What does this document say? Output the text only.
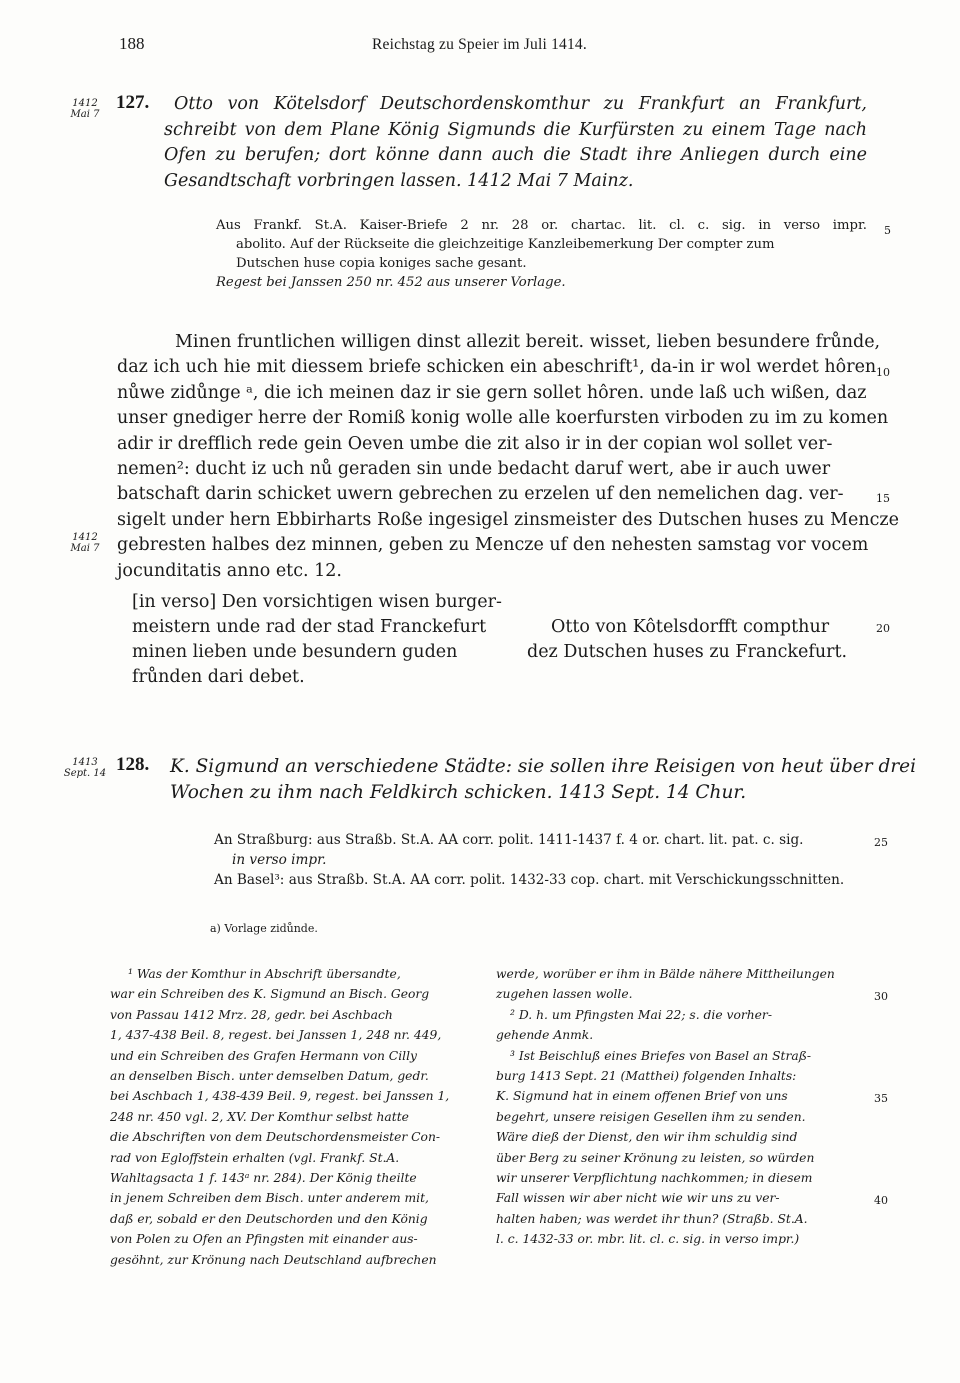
188	Reichstag zu Speier im Juli 1414.
1412
Mai 7
127.	Otto von Kötelsdorf Deutschordenskomthur zu Frankfurt an Frankfurt, schreibt von dem Plane König Sigmunds die Kurfürsten zu einem Tage nach Ofen zu berufen; dort könne dann auch die Stadt ihre Anliegen durch eine Gesandtschaft vorbringen lassen. 1412 Mai 7 Mainz.
Aus Frankf. St.A. Kaiser-Briefe 2 nr. 28 or. chartac. lit. cl. c. sig. in verso impr.
abolito. Auf der Rückseite die gleichzeitige Kanzleibemerkung Der compter zum
Dutschen huse copia koniges sache gesant.
Regest bei Janssen 250 nr. 452 aus unserer Vorlage.
5
Minen fruntlichen willigen dinst allezit bereit. wisset, lieben besundere frůnde,
daz ich uch hie mit diessem briefe schicken ein abeschrift¹, da-in ir wol werdet hôren
nůwe zidůnge ᵃ, die ich meinen daz ir sie gern sollet hôren. unde laß uch wißen, daz
unser gnediger herre der Romiß konig wolle alle koerfursten virboden zu im zu komen
adir ir drefflich rede gein Oeven umbe die zit also ir in der copian wol sollet ver-
nemen²: ducht iz uch nů geraden sin unde bedacht daruf wert, abe ir auch uwer
batschaft darin schicket uwern gebrechen zu erzelen uf den nemelichen dag. ver-
sigelt under hern Ebbirharts Roße ingesigel zinsmeister des Dutschen huses zu Mencze
gebresten halbes dez minnen, geben zu Mencze uf den nehesten samstag vor vocem
jocunditatis anno etc. 12.
10
15
1412
Mai 7
[in verso] Den vorsichtigen wisen burger-
meistern unde rad der stad Franckefurt
minen lieben unde besundern guden
frůnden dari debet.
Otto von Kôtelsdorfft compthur
dez Dutschen huses zu Franckefurt.
20
1413
Sept. 14 128. K. Sigmund an verschiedene Städte: sie sollen ihre Reisigen von heut über drei
Wochen zu ihm nach Feldkirch schicken. 1413 Sept. 14 Chur.
An Straßburg: aus Straßb. St.A. AA corr. polit. 1411-1437 f. 4 or. chart. lit. pat. c. sig.
in verso impr.
An Basel³: aus Straßb. St.A. AA corr. polit. 1432-33 cop. chart. mit Verschickungsschnitten.
25
a) Vorlage zidůnde.
¹ Was der Komthur in Abschrift übersandte,
war ein Schreiben des K. Sigmund an Bisch. Georg
von Passau 1412 Mrz. 28, gedr. bei Aschbach
1, 437-438 Beil. 8, regest. bei Janssen 1, 248 nr. 449,
und ein Schreiben des Grafen Hermann von Cilly
an denselben Bisch. unter demselben Datum, gedr.
bei Aschbach 1, 438-439 Beil. 9, regest. bei Janssen 1,
248 nr. 450 vgl. 2, XV. Der Komthur selbst hatte
die Abschriften von dem Deutschordensmeister Con-
rad von Egloffstein erhalten (vgl. Frankf. St.A.
Wahltagsacta 1 f. 143ᵃ nr. 284). Der König theilte
in jenem Schreiben dem Bisch. unter anderem mit,
daß er, sobald er den Deutschorden und den König
von Polen zu Ofen an Pfingsten mit einander aus-
gesöhnt, zur Krönung nach Deutschland aufbrechen
werde, worüber er ihm in Bälde nähere Mittheilungen
zugehen lassen wolle.
² D. h. um Pfingsten Mai 22; s. die vorher-
gehende Anmk.
³ Ist Beischluß eines Briefes von Basel an Straß-
burg 1413 Sept. 21 (Matthei) folgenden Inhalts:
K. Sigmund hat in einem offenen Brief von uns
begehrt, unsere reisigen Gesellen ihm zu senden.
Wäre dieß der Dienst, den wir ihm schuldig sind
über Berg zu seiner Krönung zu leisten, so würden
wir unserer Verpflichtung nachkommen; in diesem
Fall wissen wir aber nicht wie wir uns zu ver-
halten haben; was werdet ihr thun? (Straßb. St.A.
l. c. 1432-33 or. mbr. lit. cl. c. sig. in verso impr.)
30
35
40
